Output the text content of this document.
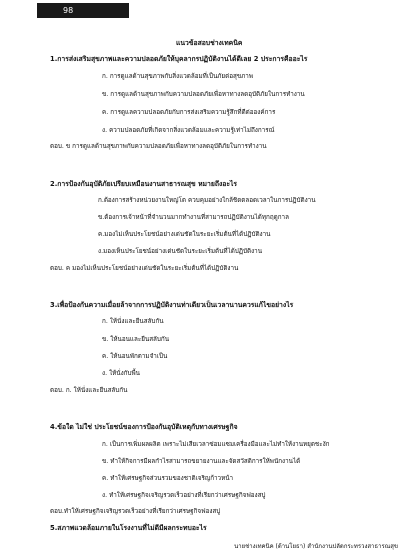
98
แนวข้อสอบช่างเทคนิค
1.การส่งเสริมสุขภาพและความปลอดภัยให้บุคลากรปฏิบัติงานได้ดีเลย 2 ประการคืออะไร
ก. การดูแลด้านสุขภาพกับสิ่งแวดล้อมที่เป็นภัยต่อสุขภาพ
ข. การดูแลด้านสุขภาพกับความปลอดภัยเพื่อหาทางลดอุบัติภัยในการทำงาน
ค. การดูแลความปลอดภัยกับการส่งเสริมความรู้สึกที่ดีต่อองค์การ
ง. ความปลอดภัยที่เกิดจากสิ่งแวดล้อมและความรู้เท่าไม่ถึงการณ์
ตอบ. ข การดูแลด้านสุขภาพกับความปลอดภัยเพื่อหาทางลดอุบัติภัยในการทำงาน
2.การป้องกันอุบัติภัยเปรียบเหมือนงานสาธารณสุข หมายถึงอะไร
ก.ต้องการสร้างหน่วยงานใหญ่โต ควบคุมอย่างใกล้ชิดตลอดเวลาในการปฏิบัติงาน
ข.ต้องการเจ้าหน้าที่จำนวนมากทำงานที่สามารถปฏิบัติงานได้ทุกฤดูกาล
ค.มองไม่เห็นประโยชน์อย่างเด่นชัดในระยะเริ่มต้นที่ได้ปฏิบัติงาน
ง.มองเห็นประโยชน์อย่างเด่นชัดในระยะเริ่มต้นที่ได้ปฏิบัติงาน
ตอบ. ค มองไม่เห็นประโยชน์อย่างเด่นชัดในระยะเริ่มต้นที่ได้ปฏิบัติงาน
3.เพื่อป้องกันความเมื่อยล้าจากการปฏิบัติงานท่าเดียวเป็นเวลานานควรแก้ไขอย่างไร
ก. ให้นั่งและยืนสลับกัน
ข. ให้นอนและยืนสลับกัน
ค. ให้นอนพักตามจำเป็น
ง. ให้นั่งกับพื้น
ตอบ. ก. ให้นั่งและยืนสลับกัน
4.ข้อใด ไม่ใช่ ประโยชน์ของการป้องกันอุบัติเหตุกับทางเศรษฐกิจ
ก. เป็นการเพิ่มผลผลิต เพราะไม่เสียเวลาซ่อมแซมเครื่องมือและไม่ทำให้งานหยุดชะงัก
ข. ทำให้กิจการมีผลกำไรสามารถขยายงานและจัดสวัสดิการให้พนักงานได้
ค. ทำให้เศรษฐกิจส่วนรวมของชาติเจริญก้าวหน้า
ง. ทำให้เศรษฐกิจเจริญรวดเร็วอย่างที่เรียกว่าเศรษฐกิจฟองสบู่
ตอบ.ทำให้เศรษฐกิจเจริญรวดเร็วอย่างที่เรียกว่าเศรษฐกิจฟองสบู่
5.สภาพแวดล้อมภายในโรงงานที่ไม่ดีมีผลกระทบอะไร
นายช่างเทคนิค (ด้านโยธา) สำนักงานปลัดกระทรวงสาธารณสุข
